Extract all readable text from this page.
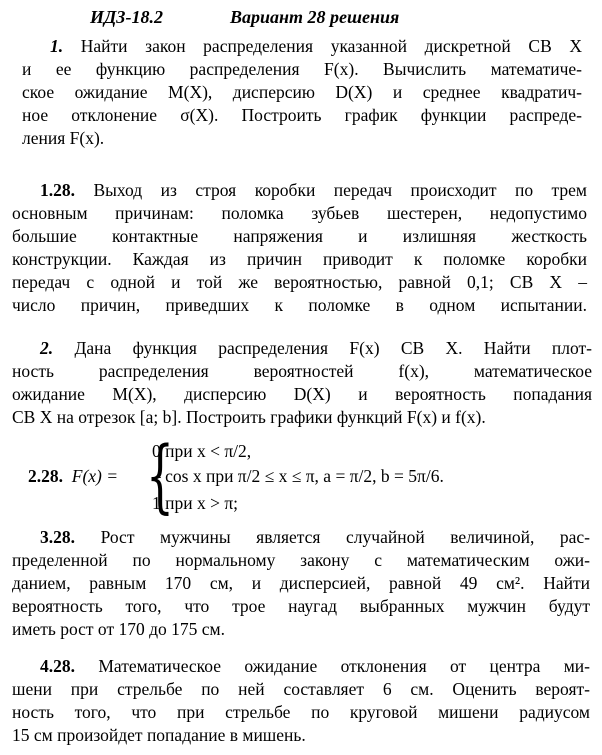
ИДЗ-18.2	Вариант 28 решения
1. Найти закон распределения указанной дискретной СВ X
и ее функцию распределения F(x). Вычислить математиче-
ское ожидание M(X), дисперсию D(X) и среднее квадратич-
ное отклонение σ(X). Построить график функции распреде-
ления F(x).
1.28. Выход из строя коробки передач происходит по трем
основным причинам: поломка зубьев шестерен, недопустимо
большие контактные напряжения и излишняя жесткость
конструкции. Каждая из причин приводит к поломке коробки
передач с одной и той же вероятностью, равной 0,1; СВ X –
число причин, приведших к поломке в одном испытании.
2. Дана функция распределения F(x) СВ X. Найти плот-
ность распределения вероятностей f(x), математическое
ожидание M(X), дисперсию D(X) и вероятность попадания
СВ X на отрезок [a; b]. Построить графики функций F(x) и f(x).
2.28. F(x) = {
0 при x < π/2,
– cos x при π/2 ≤ x ≤ π, a = π/2, b = 5π/6.
1 при x > π;
3.28. Рост мужчины является случайной величиной, рас-
пределенной по нормальному закону с математическим ожи-
данием, равным 170 см, и дисперсией, равной 49 см². Найти
вероятность того, что трое наугад выбранных мужчин будут
иметь рост от 170 до 175 см.
4.28. Математическое ожидание отклонения от центра ми-
шени при стрельбе по ней составляет 6 см. Оценить вероят-
ность того, что при стрельбе по круговой мишени радиусом
15 см произойдет попадание в мишень.
